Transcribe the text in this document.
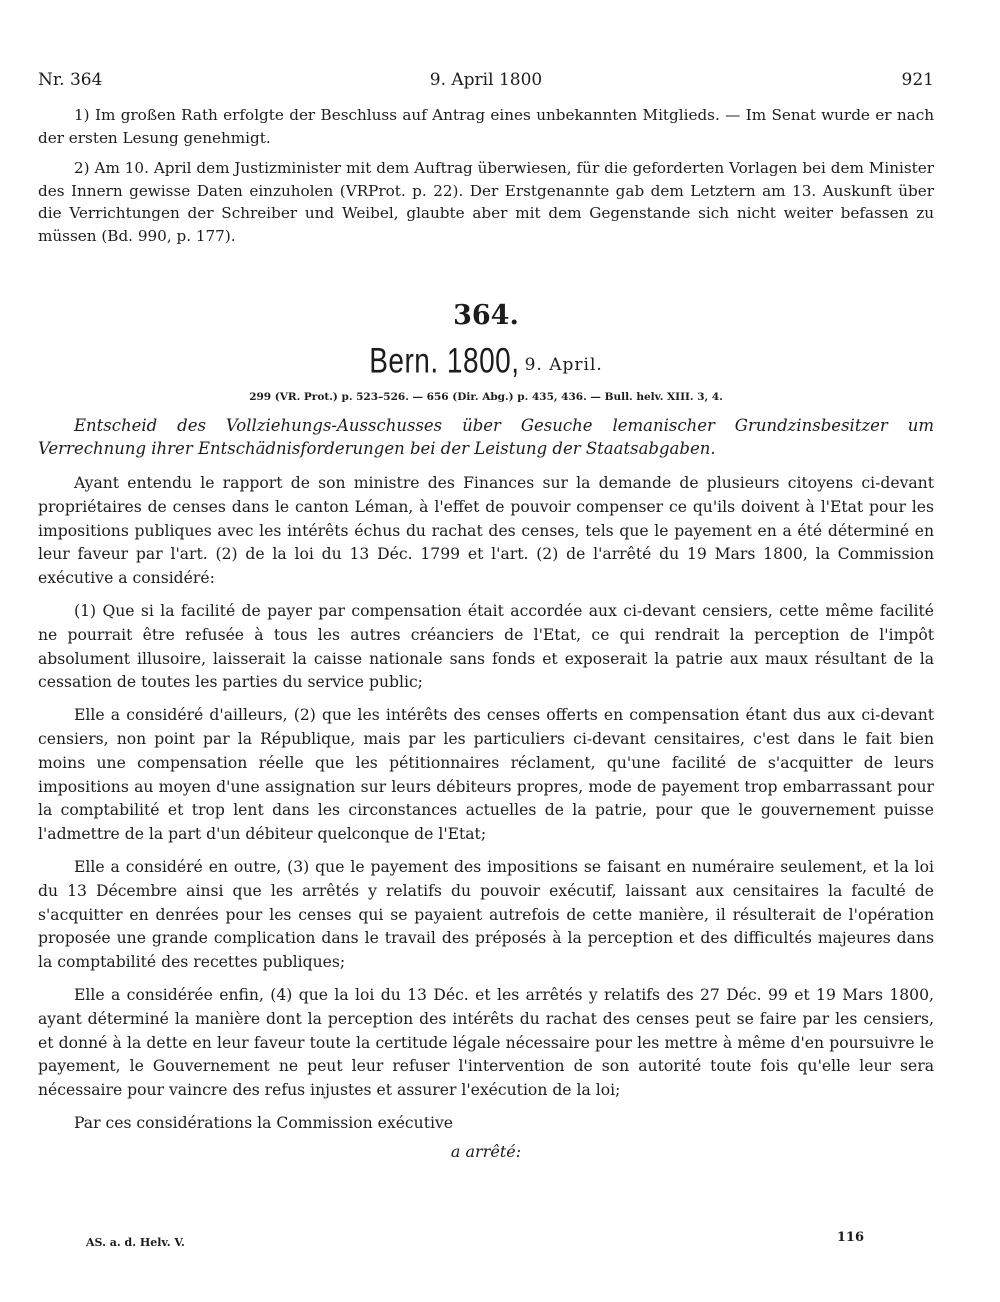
Nr. 364	9. April 1800	921

1) Im großen Rath erfolgte der Beschluss auf Antrag eines unbekannten Mitglieds. — Im Senat wurde er nach der ersten Lesung genehmigt.

2) Am 10. April dem Justizminister mit dem Auftrag überwiesen, für die geforderten Vorlagen bei dem Minister des Innern gewisse Daten einzuholen (VRProt. p. 22). Der Erstgenannte gab dem Letztern am 13. Auskunft über die Verrichtungen der Schreiber und Weibel, glaubte aber mit dem Gegenstande sich nicht weiter befassen zu müssen (Bd. 990, p. 177).

364.
Bern. 1800, 9. April.
299 (VR. Prot.) p. 523–526. — 656 (Dir. Abg.) p. 435, 436. — Bull. helv. XIII. 3, 4.
Entscheid des Vollziehungs-Ausschusses über Gesuche lemanischer Grundzinsbesitzer um Verrechnung ihrer Entschädnisforderungen bei der Leistung der Staatsabgaben.

Ayant entendu le rapport de son ministre des Finances sur la demande de plusieurs citoyens ci-devant propriétaires de censes dans le canton Léman, à l'effet de pouvoir compenser ce qu'ils doivent à l'Etat pour les impositions publiques avec les intérêts échus du rachat des censes, tels que le payement en a été déterminé en leur faveur par l'art. (2) de la loi du 13 Déc. 1799 et l'art. (2) de l'arrêté du 19 Mars 1800, la Commission exécutive a considéré:

(1) Que si la facilité de payer par compensation était accordée aux ci-devant censiers, cette même facilité ne pourrait être refusée à tous les autres créanciers de l'Etat, ce qui rendrait la perception de l'impôt absolument illusoire, laisserait la caisse nationale sans fonds et exposerait la patrie aux maux résultant de la cessation de toutes les parties du service public;

Elle a considéré d'ailleurs, (2) que les intérêts des censes offerts en compensation étant dus aux ci-devant censiers, non point par la République, mais par les particuliers ci-devant censitaires, c'est dans le fait bien moins une compensation réelle que les pétitionnaires réclament, qu'une facilité de s'acquitter de leurs impositions au moyen d'une assignation sur leurs débiteurs propres, mode de payement trop embarrassant pour la comptabilité et trop lent dans les circonstances actuelles de la patrie, pour que le gouvernement puisse l'admettre de la part d'un débiteur quelconque de l'Etat;

Elle a considéré en outre, (3) que le payement des impositions se faisant en numéraire seulement, et la loi du 13 Décembre ainsi que les arrêtés y relatifs du pouvoir exécutif, laissant aux censitaires la faculté de s'acquitter en denrées pour les censes qui se payaient autrefois de cette manière, il résulterait de l'opération proposée une grande complication dans le travail des préposés à la perception et des difficultés majeures dans la comptabilité des recettes publiques;

Elle a considérée enfin, (4) que la loi du 13 Déc. et les arrêtés y relatifs des 27 Déc. 99 et 19 Mars 1800, ayant déterminé la manière dont la perception des intérêts du rachat des censes peut se faire par les censiers, et donné à la dette en leur faveur toute la certitude légale nécessaire pour les mettre à même d'en poursuivre le payement, le Gouvernement ne peut leur refuser l'intervention de son autorité toute fois qu'elle leur sera nécessaire pour vaincre des refus injustes et assurer l'exécution de la loi;

Par ces considérations la Commission exécutive

a arrêté:
AS. a. d. Helv. V.	116
